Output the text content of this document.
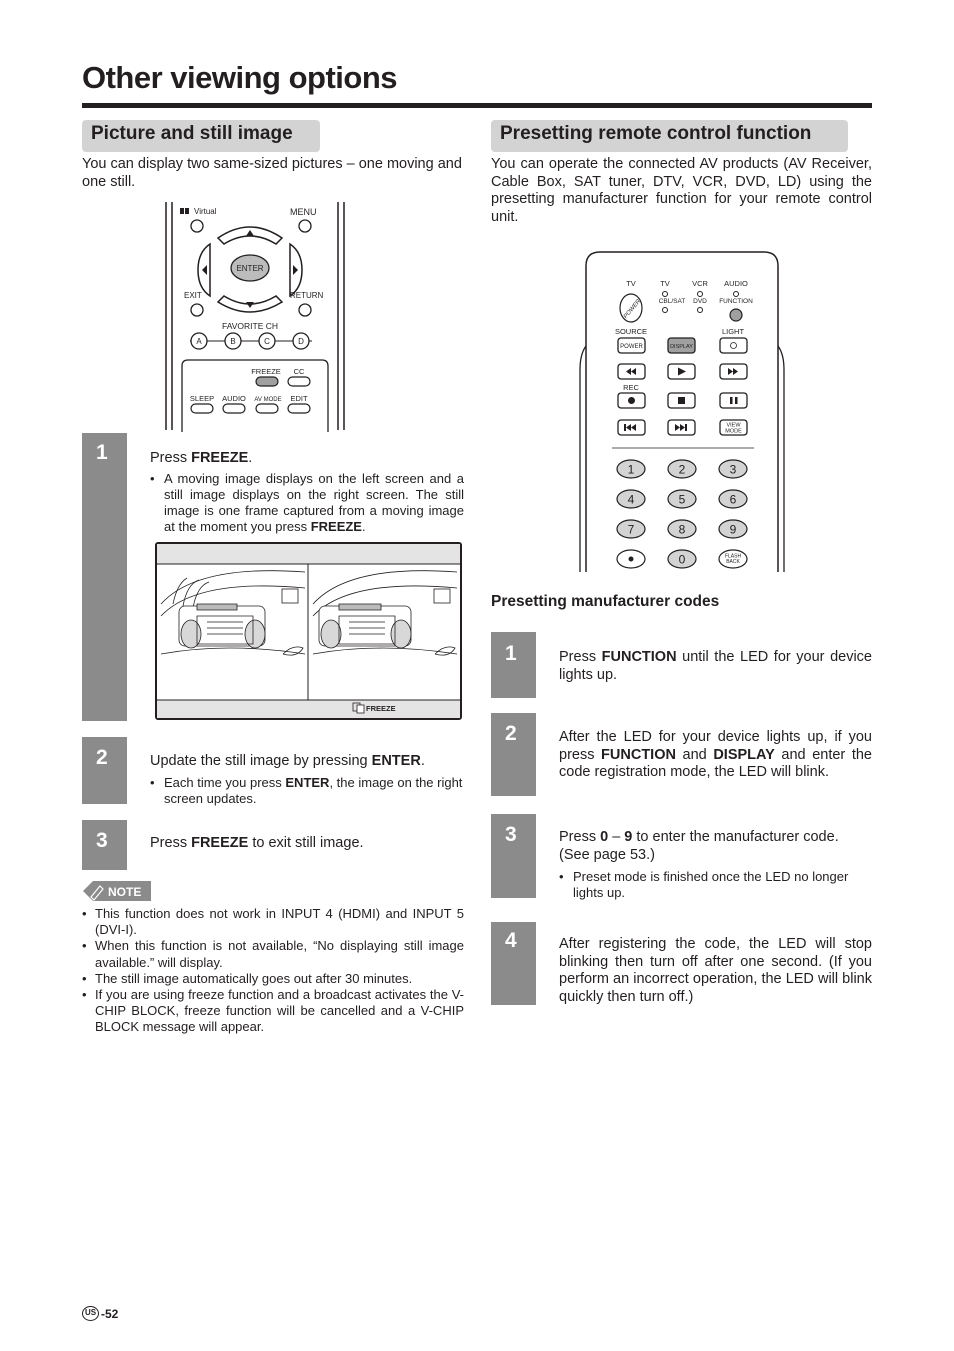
Other viewing options
Picture and still image	Presetting remote control function
You can display two same-sized pictures – one moving and one still.
You can operate the connected AV products (AV Receiver, Cable Box, SAT tuner, DTV, VCR, DVD, LD) using the presetting manufacturer function for your remote control unit.
Virtual	MENU
ENTER
EXIT	RETURN
FAVORITE CH
A	B	C	D
FREEZE CC
SLEEP AUDIO AV MODE EDIT
1
2
3
Press FREEZE.
• A moving image displays on the left screen and a still image displays on the right screen. The still image is one frame captured from a moving image at the moment you press FREEZE.
FREEZE
Update the still image by pressing ENTER.
• Each time you press ENTER, the image on the right screen updates.
Press FREEZE to exit still image.
NOTE
• This function does not work in INPUT 4 (HDMI) and INPUT 5 (DVI-I).
• When this function is not available, “No displaying still image available.” will display.
• The still image automatically goes out after 30 minutes.
• If you are using freeze function and a broadcast activates the V-CHIP BLOCK, freeze function will be cancelled and a V-CHIP BLOCK message will appear.
TV	TV
CBL/SAT
VCR
DVD
AUDIO
FUNCTION
POWER
SOURCE	LIGHT
POWER	DISPLAY
REC
VIEW
MODE
1	2	3
4	5	6
7	8	9
0	FLASH
BACK
Presetting manufacturer codes
1
2
3
4
Press FUNCTION until the LED for your device lights up.
After the LED for your device lights up, if you press FUNCTION and DISPLAY and enter the code registration mode, the LED will blink.
Press 0 – 9 to enter the manufacturer code. (See page 53.)
• Preset mode is finished once the LED no longer lights up.
After registering the code, the LED will stop blinking then turn off after one second. (If you perform an incorrect operation, the LED will blink quickly then turn off.)
US -52
